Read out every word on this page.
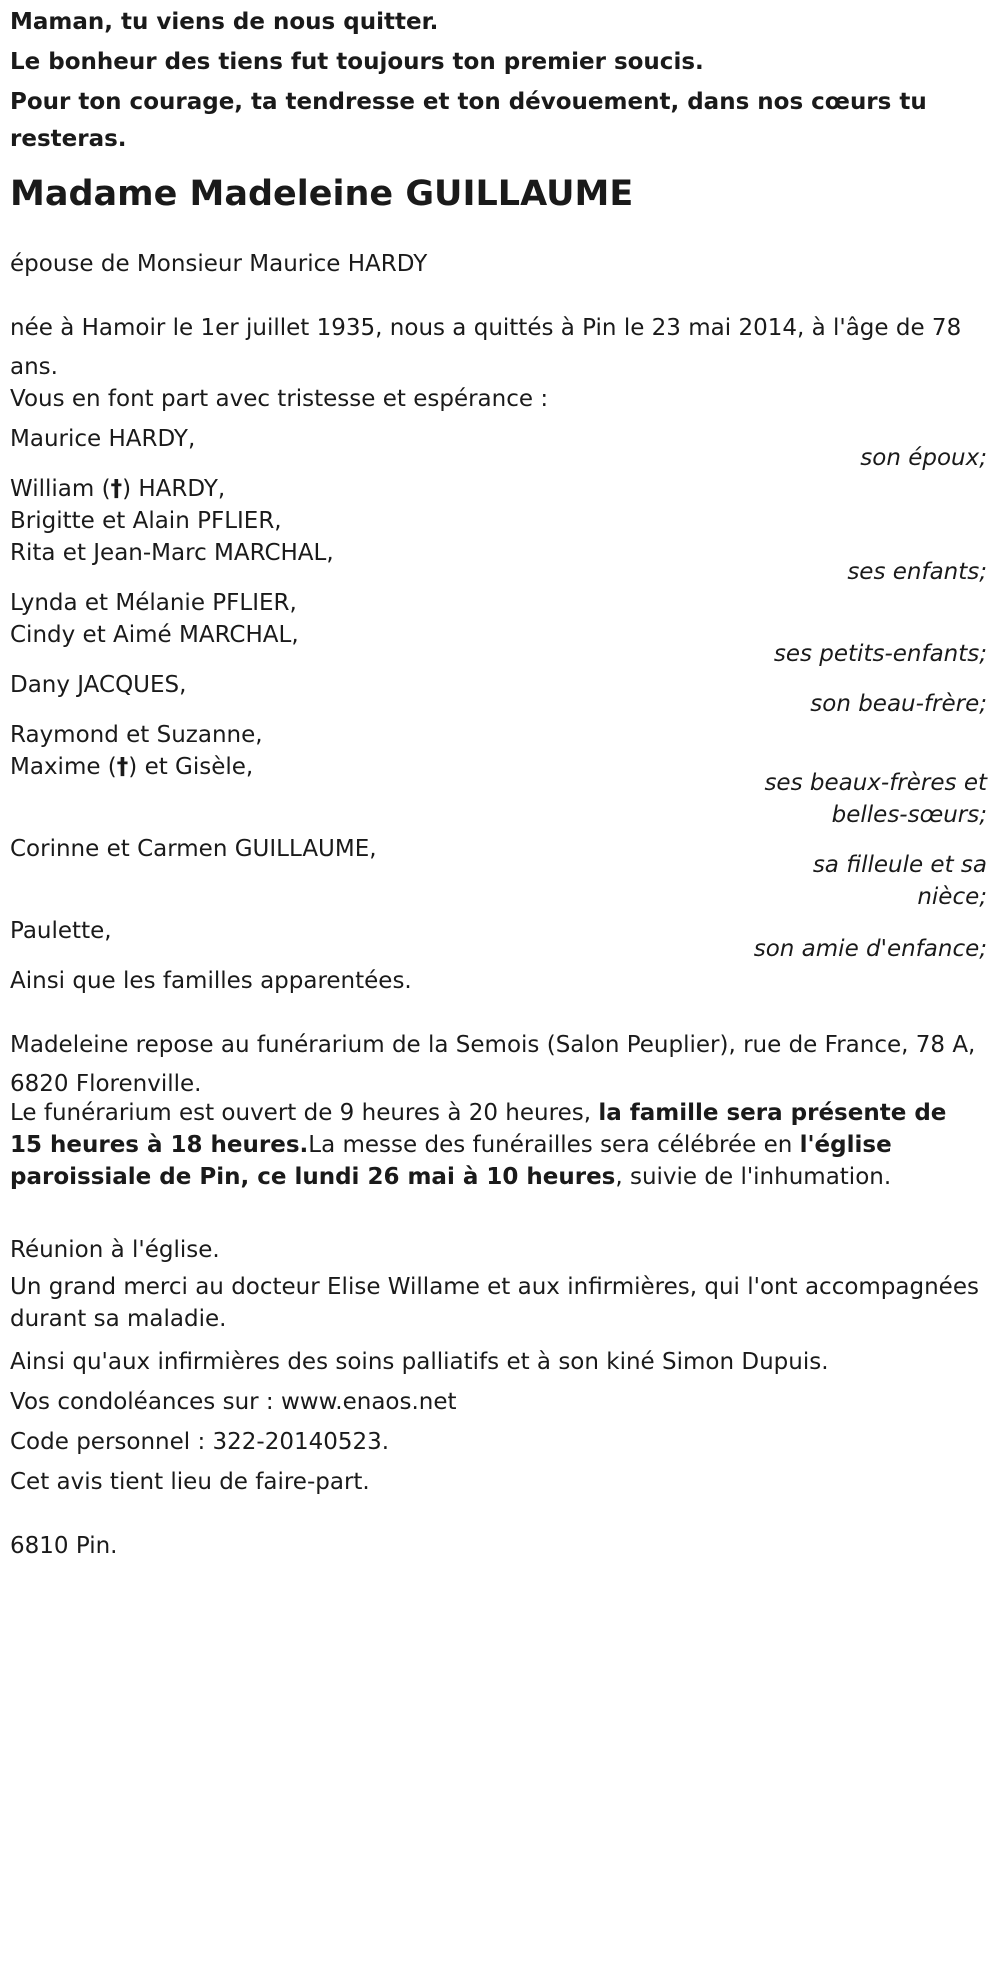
Maman, tu viens de nous quitter.

Le bonheur des tiens fut toujours ton premier soucis.

Pour ton courage, ta tendresse et ton dévouement, dans nos cœurs tu resteras.

Madame Madeleine GUILLAUME

épouse de Monsieur Maurice HARDY

née à Hamoir le 1er juillet 1935, nous a quittés à Pin le 23 mai 2014, à l'âge de 78 ans.

Vous en font part avec tristesse et espérance :

Maurice HARDY,

son époux;

William (†) HARDY,

Brigitte et Alain PFLIER,

Rita et Jean-Marc MARCHAL,

ses enfants;

Lynda et Mélanie PFLIER,

Cindy et Aimé MARCHAL,

ses petits-enfants;

Dany JACQUES,

son beau-frère;

Raymond et Suzanne,

Maxime (†) et Gisèle,

ses beaux-frères et belles-sœurs;

Corinne et Carmen GUILLAUME,

sa filleule et sa nièce;

Paulette,

son amie d'enfance;

Ainsi que les familles apparentées.

Madeleine repose au funérarium de la Semois (Salon Peuplier), rue de France, 78 A, 6820 Florenville.

Le funérarium est ouvert de 9 heures à 20 heures, la famille sera présente de 15 heures à 18 heures.La messe des funérailles sera célébrée en l'église paroissiale de Pin, ce lundi 26 mai à 10 heures, suivie de l'inhumation.

Réunion à l'église.

Un grand merci au docteur Elise Willame et aux infirmières, qui l'ont accompagnées durant sa maladie.

Ainsi qu'aux infirmières des soins palliatifs et à son kiné Simon Dupuis.

Vos condoléances sur : www.enaos.net

Code personnel : 322-20140523.

Cet avis tient lieu de faire-part.

6810 Pin.
